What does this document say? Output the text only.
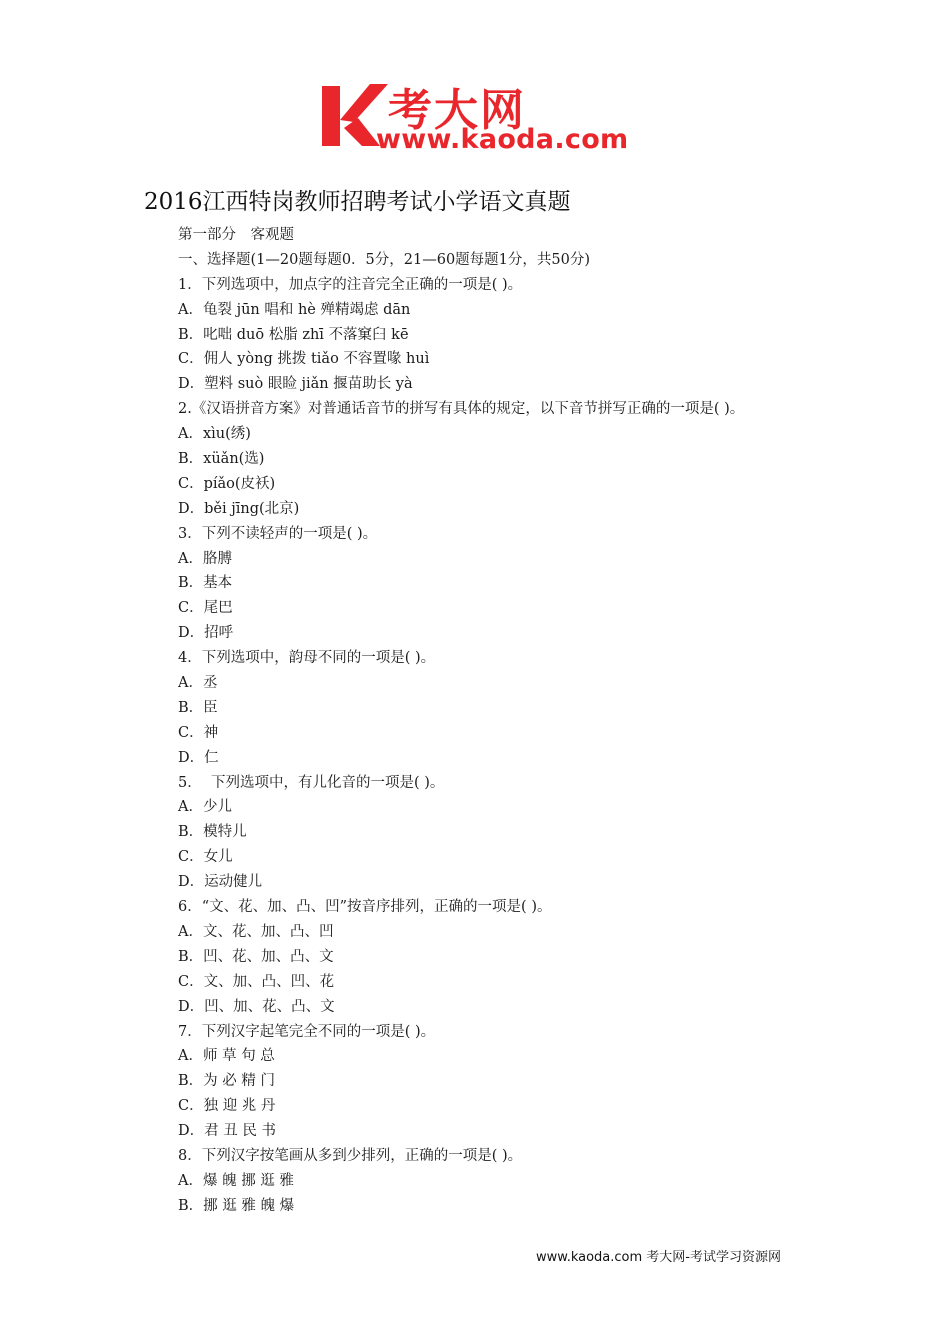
考大网
www.kaoda.com
2016江西特岗教师招聘考试小学语文真题
第一部分　客观题
一、选择题(1—20题每题0．5分，21—60题每题1分，共50分)
1．下列选项中，加点字的注音完全正确的一项是( )。
A．龟裂 jūn 唱和 hè 殚精竭虑 dān
B．叱咄 duō 松脂 zhī 不落窠臼 kē
C．佣人 yòng 挑拨 tiǎo 不容置喙 huì
D．塑料 suò 眼睑 jiǎn 揠苗助长 yà
2.《汉语拼音方案》对普通话音节的拼写有具体的规定，以下音节拼写正确的一项是( )。
A．xìu(绣)
B．xüǎn(选)
C．píǎo(皮袄)
D．běi jīng(北京)
3．下列不读轻声的一项是( )。
A．胳膊
B．基本
C．尾巴
D．招呼
4．下列选项中，韵母不同的一项是( )。
A．丞
B．臣
C．神
D．仁
5．  下列选项中，有儿化音的一项是( )。
A．少儿
B．模特儿
C．女儿
D．运动健儿
6．“文、花、加、凸、凹”按音序排列，正确的一项是( )。
A．文、花、加、凸、凹
B．凹、花、加、凸、文
C．文、加、凸、凹、花
D．凹、加、花、凸、文
7．下列汉字起笔完全不同的一项是( )。
A．师 草 句 总
B．为 必 精 门
C．独 迎 兆 丹
D．君 丑 民 书
8．下列汉字按笔画从多到少排列，正确的一项是( )。
A．爆 魄 挪 逛 雅
B．挪 逛 雅 魄 爆
www.kaoda.com 考大网-考试学习资源网
